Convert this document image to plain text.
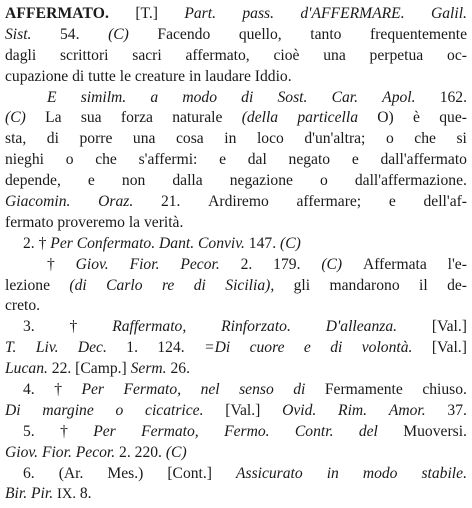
AFFERMATO. [T.] Part. pass. d'AFFERMARE. Galil.
Sist. 54. (C) Facendo quello, tanto frequentemente
dagli scrittori sacri affermato, cioè una perpetua oc-
cupazione di tutte le creature in laudare Iddio.
E similm. a modo di Sost. Car. Apol. 162.
(C) La sua forza naturale (della particella O) è que-
sta, di porre una cosa in loco d'un'altra; o che si
nieghi o che s'affermi: e dal negato e dall'affermato
depende, e non dalla negazione o dall'affermazione.
Giacomin. Oraz. 21. Ardiremo affermare; e dell'af-
fermato proveremo la verità.
2. † Per Confermato. Dant. Conviv. 147. (C)
† Giov. Fior. Pecor. 2. 179. (C) Affermata l'e-
lezione (di Carlo re di Sicilia), gli mandarono il de-
creto.
3. † Raffermato, Rinforzato. D'alleanza. [Val.]
T. Liv. Dec. 1. 124. =Di cuore e di volontà. [Val.]
Lucan. 22. [Camp.] Serm. 26.
4. † Per Fermato, nel senso di Fermamente chiuso.
Di margine o cicatrice. [Val.] Ovid. Rim. Amor. 37.
5. † Per Fermato, Fermo. Contr. del Muoversi.
Giov. Fior. Pecor. 2. 220. (C)
6. (Ar. Mes.) [Cont.] Assicurato in modo stabile.
Bir. Pir. IX. 8.
